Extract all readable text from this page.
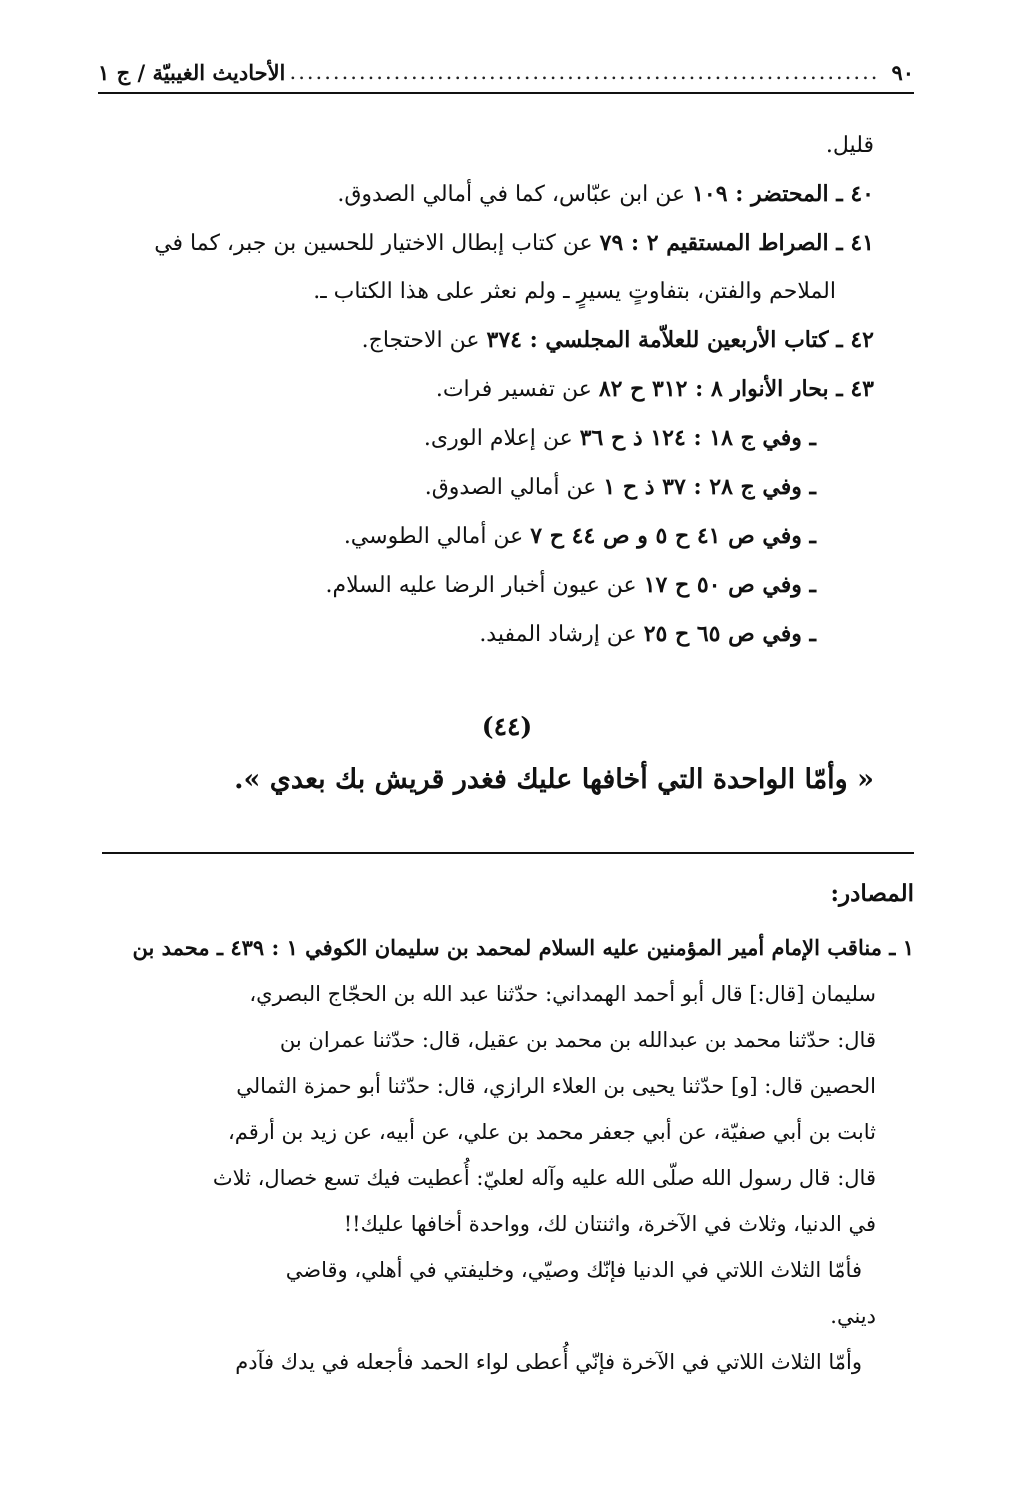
٩٠
.....
الأحاديث الغيبيّة / ج ١
قليل.
٤٠ ـ المحتضر : ١٠٩ عن ابن عبّاس، كما في أمالي الصدوق.
٤١ ـ الصراط المستقيم ٢ : ٧٩ عن كتاب إبطال الاختيار للحسين بن جبر، كما في
الملاحم والفتن، بتفاوتٍ يسيرٍ ـ ولم نعثر على هذا الكتاب ـ.
٤٢ ـ كتاب الأربعين للعلاّمة المجلسي : ٣٧٤ عن الاحتجاج.
٤٣ ـ بحار الأنوار ٨ : ٣١٢ ح ٨٢ عن تفسير فرات.
ـ وفي ج ١٨ : ١٢٤ ذ ح ٣٦ عن إعلام الورى.
ـ وفي ج ٢٨ : ٣٧ ذ ح ١ عن أمالي الصدوق.
ـ وفي ص ٤١ ح ٥ و ص ٤٤ ح ٧ عن أمالي الطوسي.
ـ وفي ص ٥٠ ح ١٧ عن عيون أخبار الرضا عليه السلام.
ـ وفي ص ٦٥ ح ٢٥ عن إرشاد المفيد.
(٤٤)
« وأمّا الواحدة التي أخافها عليك فغدر قريش بك بعدي ».
المصادر:
١ ـ مناقب الإمام أمير المؤمنين عليه السلام لمحمد بن سليمان الكوفي ١ : ٤٣٩ ـ محمد بن
سليمان [قال:] قال أبو أحمد الهمداني: حدّثنا عبد الله بن الحجّاج البصري،
قال: حدّثنا محمد بن عبدالله بن محمد بن عقيل، قال: حدّثنا عمران بن
الحصين قال: [و] حدّثنا يحيى بن العلاء الرازي، قال: حدّثنا أبو حمزة الثمالي
ثابت بن أبي صفيّة، عن أبي جعفر محمد بن علي، عن أبيه، عن زيد بن أرقم،
قال: قال رسول الله صلّى الله عليه وآله لعليّ: أُعطيت فيك تسع خصال، ثلاث
في الدنيا، وثلاث في الآخرة، واثنتان لك، وواحدة أخافها عليك!!
فأمّا الثلاث اللاتي في الدنيا فإنّك وصيّي، وخليفتي في أهلي، وقاضي
ديني.
وأمّا الثلاث اللاتي في الآخرة فإنّي أُعطى لواء الحمد فأجعله في يدك فآدم
